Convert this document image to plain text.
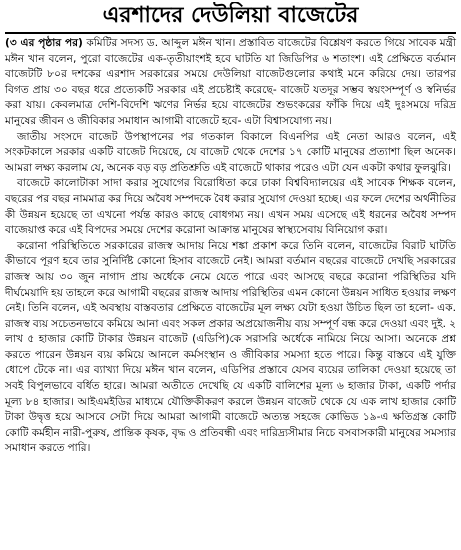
এরশাদের দেউলিয়া বাজেটের

(৩ এর পৃষ্ঠার পর) কমিটির সদস্য ড. আব্দুল মঈন খান। প্রস্তাবিত বাজেটের বিশ্লেষণ করতে গিয়ে সাবেক মন্ত্রী মঈন খান বলেন, পুরো বাজেটের এক-তৃতীয়াংশই হবে ঘাটতি যা জিডিপির ৬ শতাংশ। এই প্রেক্ষিতে বর্তমান বাজেটটি ৮০র দশকের এরশাদ সরকারের সময়ে দেউলিয়া বাজেটগুলোর কথাই মনে করিয়ে দেয়। তারপর বিগত প্রায় ৩০ বছর ধরে প্রত্যেকটি সরকার এই প্রচেষ্টাই করেছে- বাজেট যতদূর সম্ভব স্বয়ংসম্পূর্ণ ও স্বনির্ভর করা যায়। কেবলমাত্র দেশি-বিদেশি ঋণের নির্ভর হয়ে বাজেটের শুভংকরের ফাঁকি দিয়ে এই দুঃসময়ে দরিদ্র মানুষের জীবন ও জীবিকার সমাধান আগামী বাজেটে হবে- এটা বিশ্বাসযোগ্য নয়।

জাতীয় সংসদে বাজেট উপস্থাপনের পর গতকাল বিকালে বিএনপির এই নেতা আরও বলেন, এই সংকটকালে সরকার একটি বাজেট দিয়েছে, যে বাজেট থেকে দেশের ১৭ কোটি মানুষের প্রত্যাশা ছিল অনেক। আমরা লক্ষ্য করলাম যে, অনেক বড় বড় প্রতিশ্রুতি এই বাজেটে থাকার পরেও এটা যেন একটা কথার ফুলঝুরি।

বাজেটে কালোটাকা সাদা করার সুযোগের বিরোধিতা করে ঢাকা বিশ্ববিদ্যালয়ের এই সাবেক শিক্ষক বলেন, বছরের পর বছর নামমাত্র কর দিয়ে অবৈধ সম্পদকে বৈধ করার সুযোগ দেওয়া হচ্ছে। এর ফলে দেশের অর্থনীতির কী উন্নয়ন হয়েছে তা এখনো পর্যন্ত কারও কাছে বোধগম্য নয়। এখন সময় এসেছে এই ধরনের অবৈধ সম্পদ বাজেয়াপ্ত করে এই বিপদের সময়ে দেশের করোনা আক্রান্ত মানুষের স্বাস্থ্যসেবায় বিনিয়োগ করা।

করোনা পরিস্থিতিতে সরকারের রাজস্ব আদায় নিয়ে শঙ্কা প্রকাশ করে তিনি বলেন, বাজেটের বিরাট ঘাটতি কীভাবে পূরণ হবে তার সুনির্দিষ্ট কোনো হিসাব বাজেটে নেই। আমরা বর্তমান বছরের বাজেটে দেখছি সরকারের রাজস্ব আয় ৩০ জুন নাগাদ প্রায় অর্ধেকে নেমে যেতে পারে এবং আসছে বছরে করোনা পরিস্থিতির যদি দীর্ঘমেয়াদি হয় তাহলে করে আগামী বছরের রাজস্ব আদায় পরিস্থিতির এমন কোনো উন্নয়ন সাধিত হওয়ার লক্ষণ নেই। তিনি বলেন, এই অবস্থায় বাস্তবতার প্রেক্ষিতে বাজেটের মূল লক্ষ্য যেটা হওয়া উচিত ছিল তা হলো- এক. রাজস্ব ব্যয় সচেতনভাবে কমিয়ে আনা এবং সকল প্রকার অপ্রয়োজনীয় ব্যয় সম্পূর্ণ বন্ধ করে দেওয়া এবং দুই. ২ লাখ ৫ হাজার কোটি টাকার উন্নয়ন বাজেট (এডিপি)কে সরাসরি অর্ধেকে নামিয়ে নিয়ে আসা। অনেকে প্রশ্ন করতে পারেন উন্নয়ন ব্যয় কমিয়ে আনলে কর্মসংস্থান ও জীবিকার সমস্যা হতে পারে। কিন্তু বাস্তবে এই যুক্তি ধোপে টেকে না। এর ব্যাখ্যা দিয়ে মঈন খান বলেন, এডিপির প্রস্তাবে যেসব ব্যয়ের তালিকা দেওয়া হয়েছে তা সবই বিপুলভাবে বর্ধিত হারে। আমরা অতীতে দেখেছি যে একটি বালিশের মূল্য ৬ হাজার টাকা, একটি পর্দার মূল্য ৮৪ হাজার। আইএমইডির মাধ্যমে যৌক্তিকীকরণ করলে উন্নয়ন বাজেট থেকে যে এক লাখ হাজার কোটি টাকা উদ্বৃত্ত হয়ে আসবে সেটা দিয়ে আমরা আগামী বাজেটে অত্যন্ত সহজে কোভিড ১৯-এ ক্ষতিগ্রস্ত কোটি কোটি কর্মহীন নারী-পুরুষ, প্রান্তিক কৃষক, বৃদ্ধ ও প্রতিবন্ধী এবং দারিদ্র্যসীমার নিচে বসবাসকারী মানুষের সমস্যার সমাধান করতে পারি।
